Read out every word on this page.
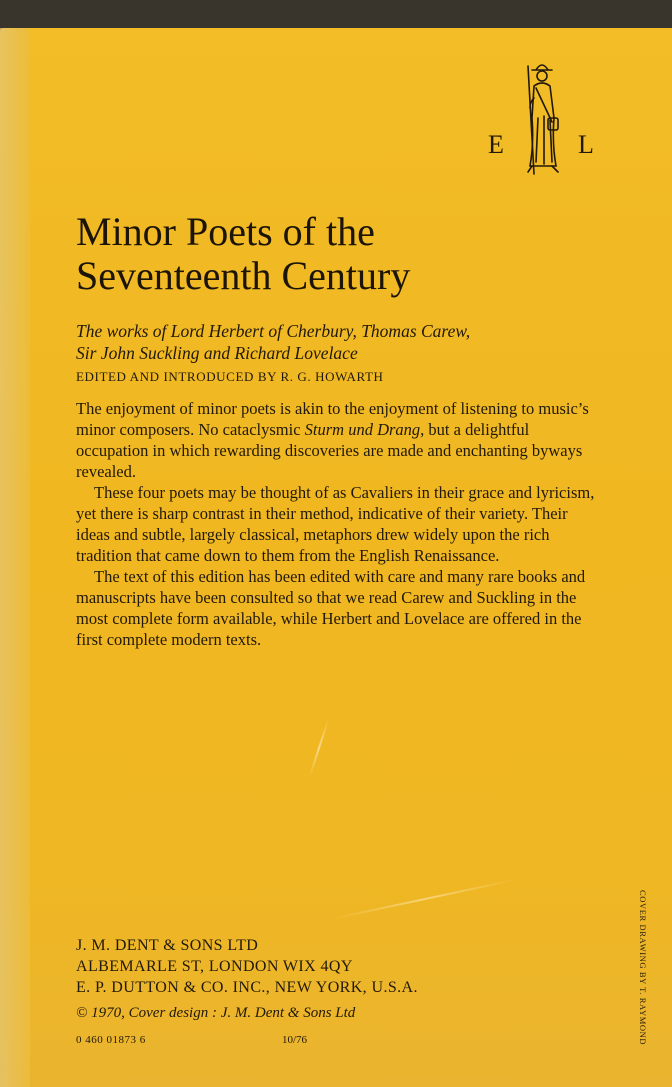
E	L
Minor Poets of the
Seventeenth Century
The works of Lord Herbert of Cherbury, Thomas Carew,
Sir John Suckling and Richard Lovelace
EDITED AND INTRODUCED BY R. G. HOWARTH

The enjoyment of minor poets is akin to the enjoyment of listening to music’s minor composers. No cataclysmic Sturm und Drang, but a delightful occupation in which rewarding discoveries are made and enchanting byways revealed.

These four poets may be thought of as Cavaliers in their grace and lyricism, yet there is sharp contrast in their method, indicative of their variety. Their ideas and subtle, largely classical, metaphors drew widely upon the rich tradition that came down to them from the English Renaissance.

The text of this edition has been edited with care and many rare books and manuscripts have been consulted so that we read Carew and Suckling in the most complete form available, while Herbert and Lovelace are offered in the first complete modern texts.

J. M. DENT & SONS LTD
ALBEMARLE ST, LONDON WIX 4QY
E. P. DUTTON & CO. INC., NEW YORK, U.S.A.
© 1970, Cover design : J. M. Dent & Sons Ltd
0 460 01873 6	10/76	COVER DRAWING BY T. RAYMOND
